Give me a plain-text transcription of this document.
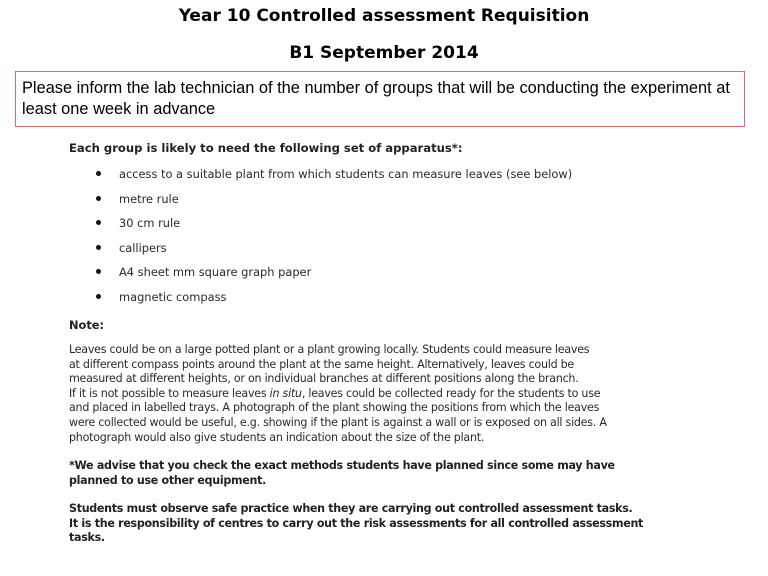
Year 10 Controlled assessment Requisition
B1 September 2014
Please inform the lab technician of the number of groups that will be conducting the experiment at least one week in advance
Each group is likely to need the following set of apparatus*:
access to a suitable plant from which students can measure leaves (see below)
metre rule
30 cm rule
callipers
A4 sheet mm square graph paper
magnetic compass
Note:
Leaves could be on a large potted plant or a plant growing locally. Students could measure leaves
at different compass points around the plant at the same height. Alternatively, leaves could be
measured at different heights, or on individual branches at different positions along the branch.
If it is not possible to measure leaves in situ, leaves could be collected ready for the students to use
and placed in labelled trays. A photograph of the plant showing the positions from which the leaves
were collected would be useful, e.g. showing if the plant is against a wall or is exposed on all sides. A
photograph would also give students an indication about the size of the plant.
*We advise that you check the exact methods students have planned since some may have
planned to use other equipment.
Students must observe safe practice when they are carrying out controlled assessment tasks.
It is the responsibility of centres to carry out the risk assessments for all controlled assessment
tasks.
